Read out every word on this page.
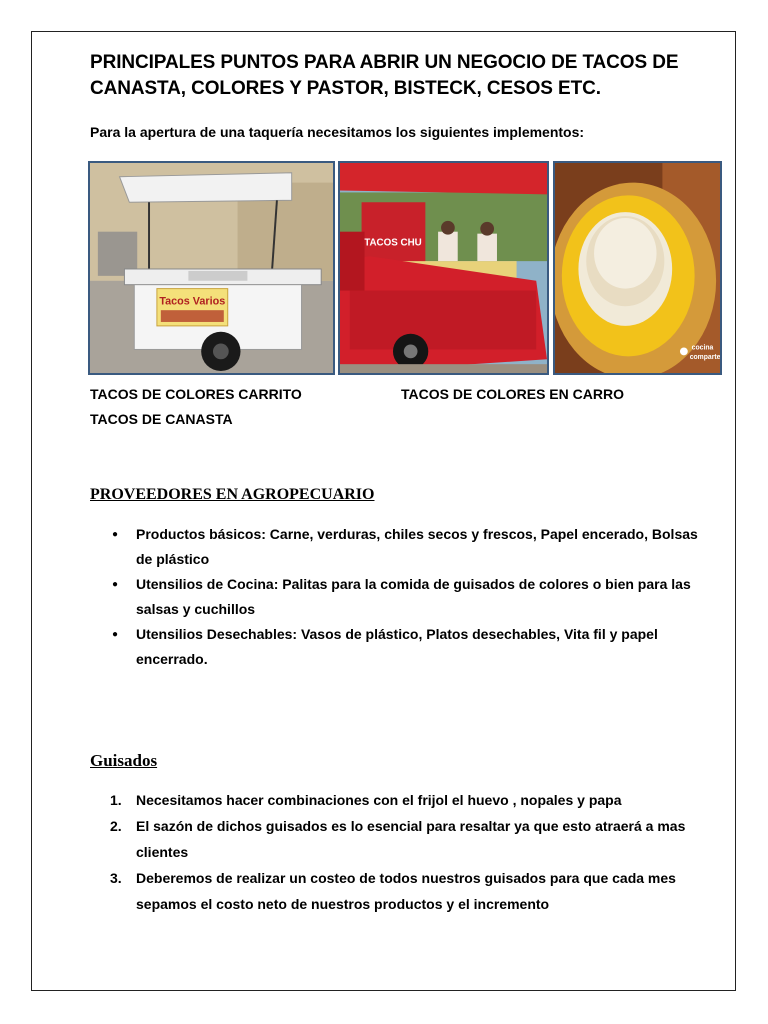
PRINCIPALES PUNTOS PARA ABRIR UN NEGOCIO DE TACOS DE CANASTA, COLORES Y PASTOR, BISTECK, CESOS ETC.
Para la apertura de una taquería necesitamos los siguientes implementos:
Tacos Varios
TACOS CHU
cocina
comparte
TACOS DE COLORES CARRITO	TACOS DE COLORES EN CARRO
TACOS DE CANASTA
PROVEEDORES EN AGROPECUARIO
● Productos básicos: Carne, verduras, chiles secos y frescos, Papel encerado, Bolsas de plástico
● Utensilios de Cocina: Palitas para la comida de guisados de colores o bien para las salsas y cuchillos
● Utensilios Desechables: Vasos de plástico, Platos desechables, Vita fil y papel encerrado.
Guisados
1. Necesitamos hacer combinaciones con el frijol el huevo , nopales y papa
2. El sazón de dichos guisados es lo esencial para resaltar ya que esto atraerá a mas clientes
3. Deberemos de realizar un costeo de todos nuestros guisados para que cada mes sepamos el costo neto de nuestros productos y el incremento
